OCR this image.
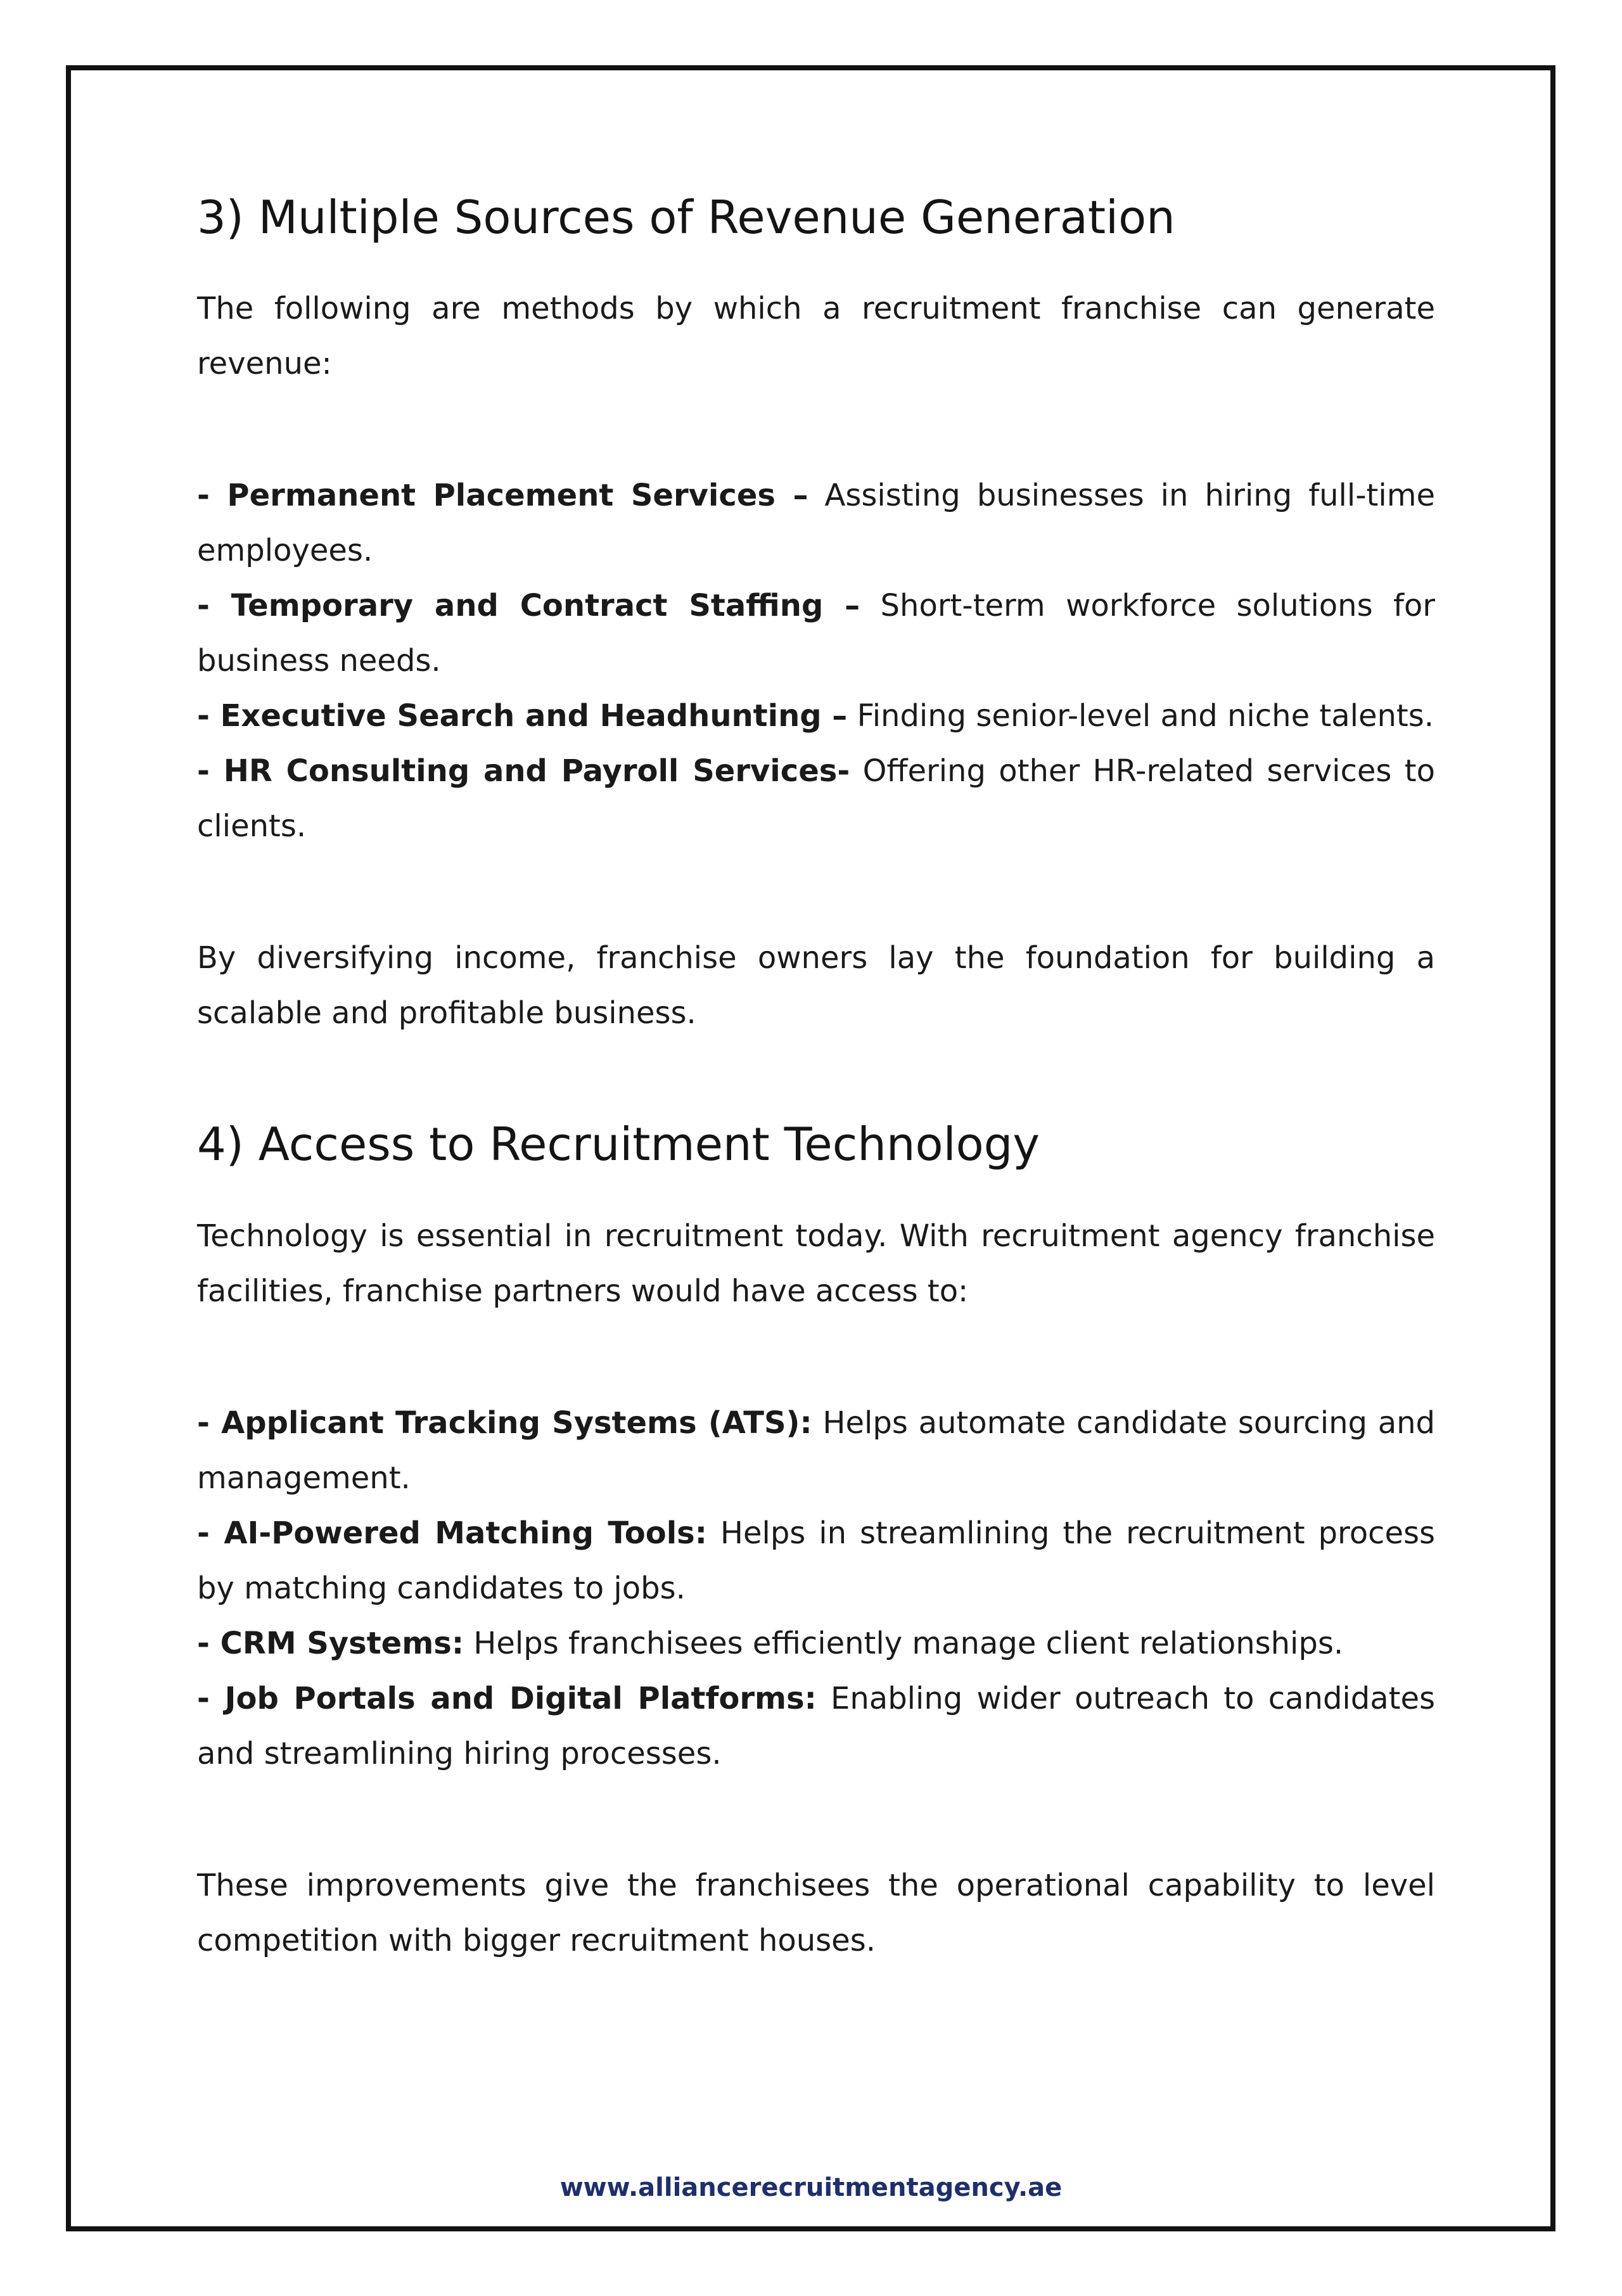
3) Multiple Sources of Revenue Generation

The following are methods by which a recruitment franchise can generate revenue:

- Permanent Placement Services – Assisting businesses in hiring full-time employees.

- Temporary and Contract Staffing – Short-term workforce solutions for business needs.

- Executive Search and Headhunting – Finding senior-level and niche talents.

- HR Consulting and Payroll Services- Offering other HR-related services to clients.

By diversifying income, franchise owners lay the foundation for building a scalable and profitable business.

4) Access to Recruitment Technology

Technology is essential in recruitment today. With recruitment agency franchise facilities, franchise partners would have access to:

- Applicant Tracking Systems (ATS): Helps automate candidate sourcing and management.

- AI-Powered Matching Tools: Helps in streamlining the recruitment process by matching candidates to jobs.

- CRM Systems: Helps franchisees efficiently manage client relationships.

- Job Portals and Digital Platforms: Enabling wider outreach to candidates and streamlining hiring processes.

These improvements give the franchisees the operational capability to level competition with bigger recruitment houses.

www.alliancerecruitmentagency.ae
